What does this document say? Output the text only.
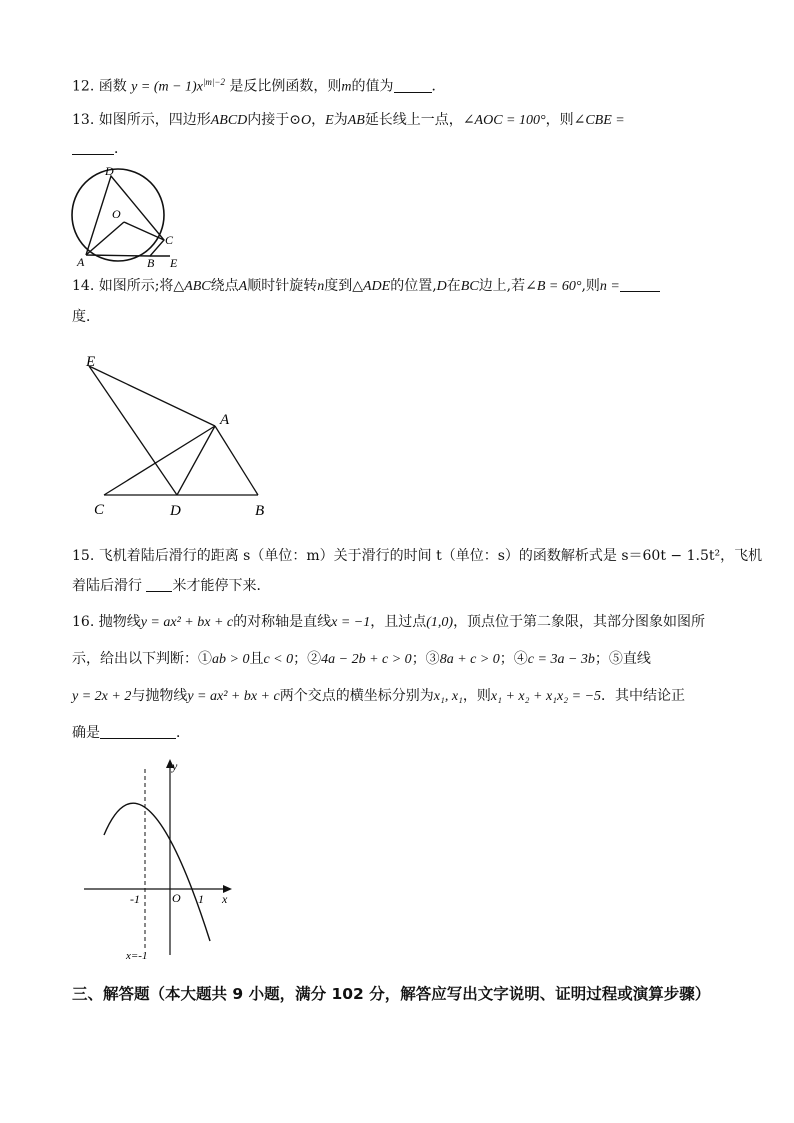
12. 函数 $y = (m - 1)x^{|m|-2}$ 是反比例函数，则m的值为	．
13. 如图所示，四边形ABCD内接于⊙O，E为AB延长线上一点，∠AOC = 100°，则∠CBE =
．
D
O
C
A	B E
14. 如图所示;将△ABC绕点A顺时针旋转n度到△ADE的位置,D在BC边上,若∠B = 60°,则n =
度．
E
A
C	D	B
15. 飞机着陆后滑行的距离 s（单位：m）关于滑行的时间 t（单位：s）的函数解析式是 s＝60t − 1.5t²，飞机
着陆后滑行 米才能停下来．
16. 抛物线y = ax² + bx + c的对称轴是直线x = −1，且过点(1,0)，顶点位于第二象限，其部分图象如图所
示，给出以下判断：①ab > 0且c < 0；②4a − 2b + c > 0；③8a + c > 0；④c = 3a − 3b；⑤直线
y = 2x + 2与抛物线y = ax² + bx + c两个交点的横坐标分别为x₁, x₁，则x₁ + x₂ + x₁x₂ = −5．其中结论正
确是	．
y
x
O
-1	1
x=-1
三、解答题（本大题共 9 小题，满分 102 分，解答应写出文字说明、证明过程或演算步骤）
